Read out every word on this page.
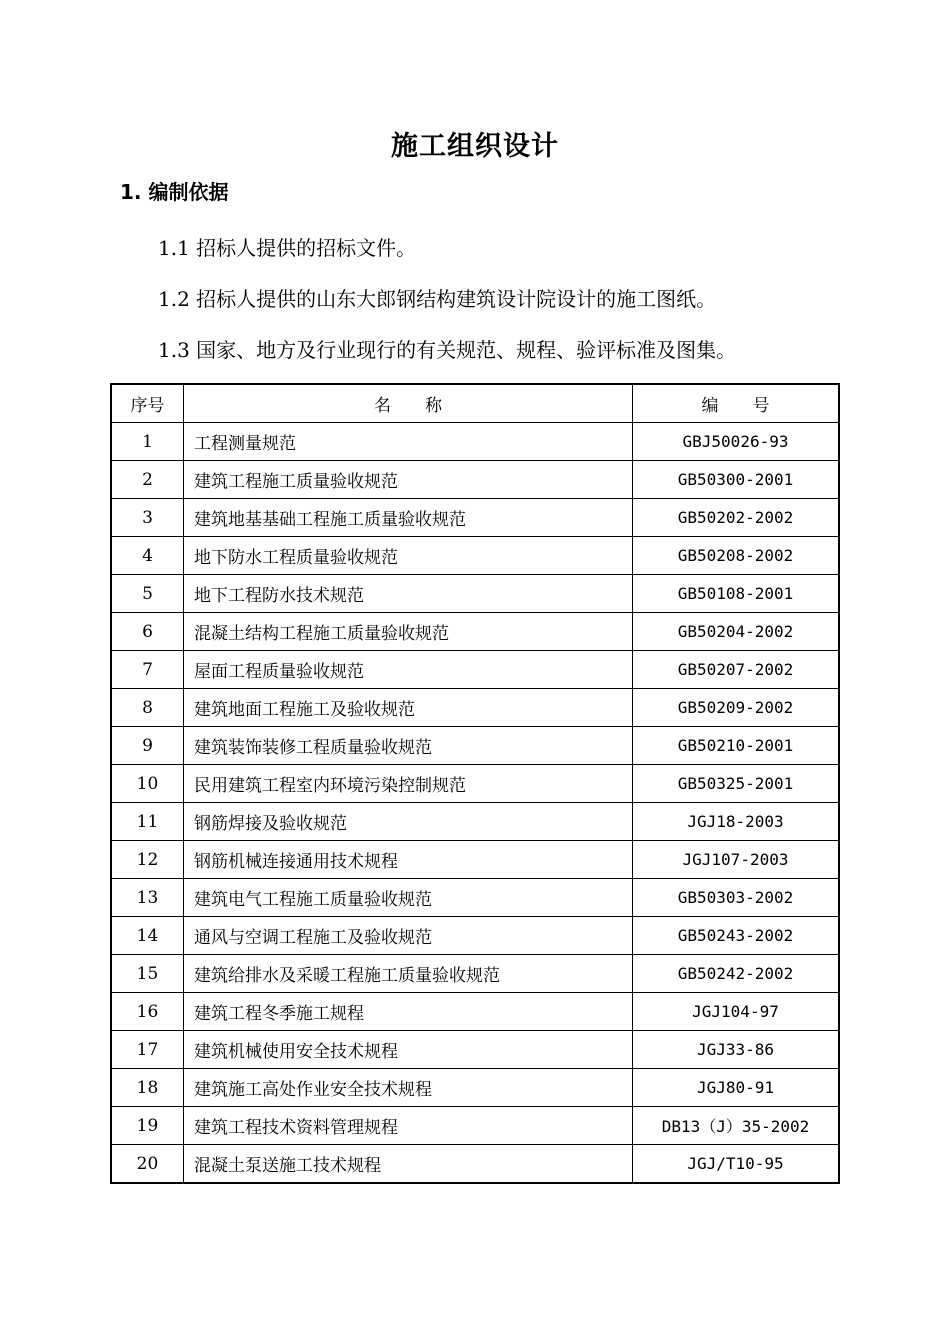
施工组织设计
1. 编制依据
1.1 招标人提供的招标文件。
1.2 招标人提供的山东大郎钢结构建筑设计院设计的施工图纸。
1.3 国家、地方及行业现行的有关规范、规程、验评标准及图集。
序号	名　　称	编　　号
1	工程测量规范	GBJ50026-93
2	建筑工程施工质量验收规范	GB50300-2001
3	建筑地基基础工程施工质量验收规范	GB50202-2002
4	地下防水工程质量验收规范	GB50208-2002
5	地下工程防水技术规范	GB50108-2001
6	混凝土结构工程施工质量验收规范	GB50204-2002
7	屋面工程质量验收规范	GB50207-2002
8	建筑地面工程施工及验收规范	GB50209-2002
9	建筑装饰装修工程质量验收规范	GB50210-2001
10	民用建筑工程室内环境污染控制规范	GB50325-2001
11	钢筋焊接及验收规范	JGJ18-2003
12	钢筋机械连接通用技术规程	JGJ107-2003
13	建筑电气工程施工质量验收规范	GB50303-2002
14	通风与空调工程施工及验收规范	GB50243-2002
15	建筑给排水及采暖工程施工质量验收规范	GB50242-2002
16	建筑工程冬季施工规程	JGJ104-97
17	建筑机械使用安全技术规程	JGJ33-86
18	建筑施工高处作业安全技术规程	JGJ80-91
19	建筑工程技术资料管理规程	DB13（J）35-2002
20	混凝土泵送施工技术规程	JGJ/T10-95
